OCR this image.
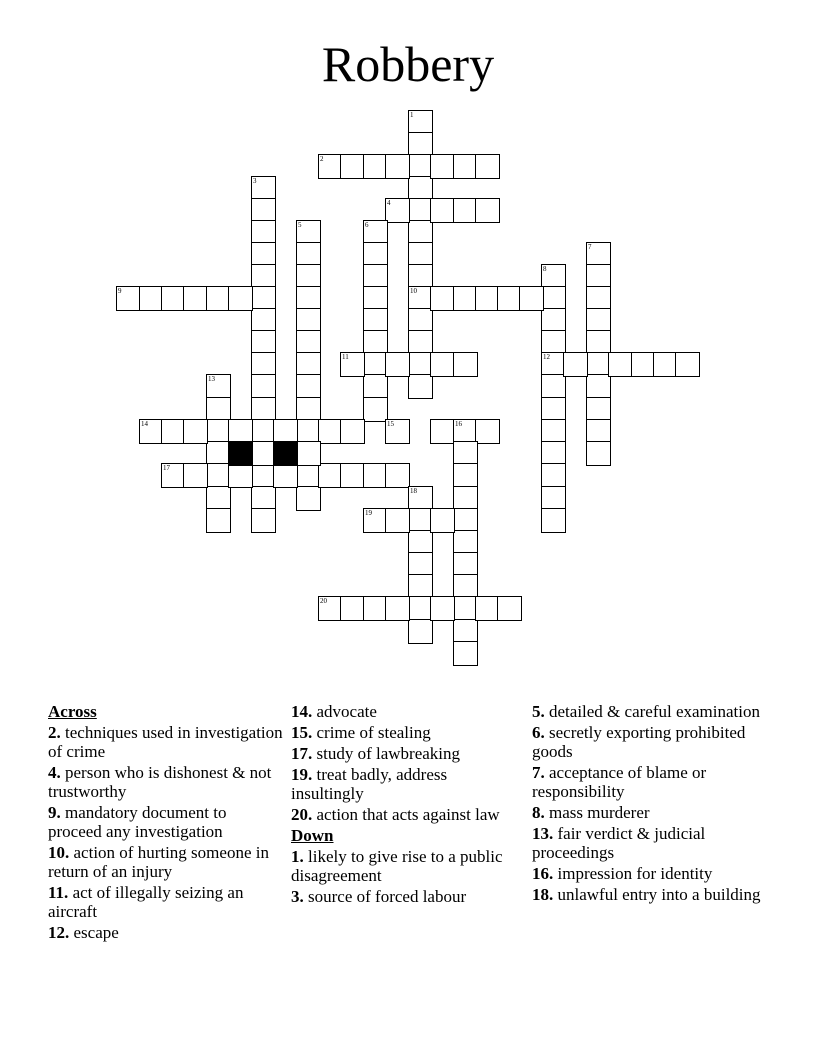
Robbery
1
10
2
4
3
5	6
7
8
12
9
11
13
14	15	16
17
18
19
20
Across
2. techniques used in investigation of crime
4. person who is dishonest & not trustworthy
9. mandatory document to proceed any investigation
10. action of hurting someone in return of an injury
11. act of illegally seizing an aircraft
12. escape
14. advocate
15. crime of stealing
17. study of lawbreaking
19. treat badly, address insultingly
20. action that acts against law
Down
1. likely to give rise to a public disagreement
3. source of forced labour
5. detailed & careful examination
6. secretly exporting prohibited goods
7. acceptance of blame or responsibility
8. mass murderer
13. fair verdict & judicial proceedings
16. impression for identity
18. unlawful entry into a building
